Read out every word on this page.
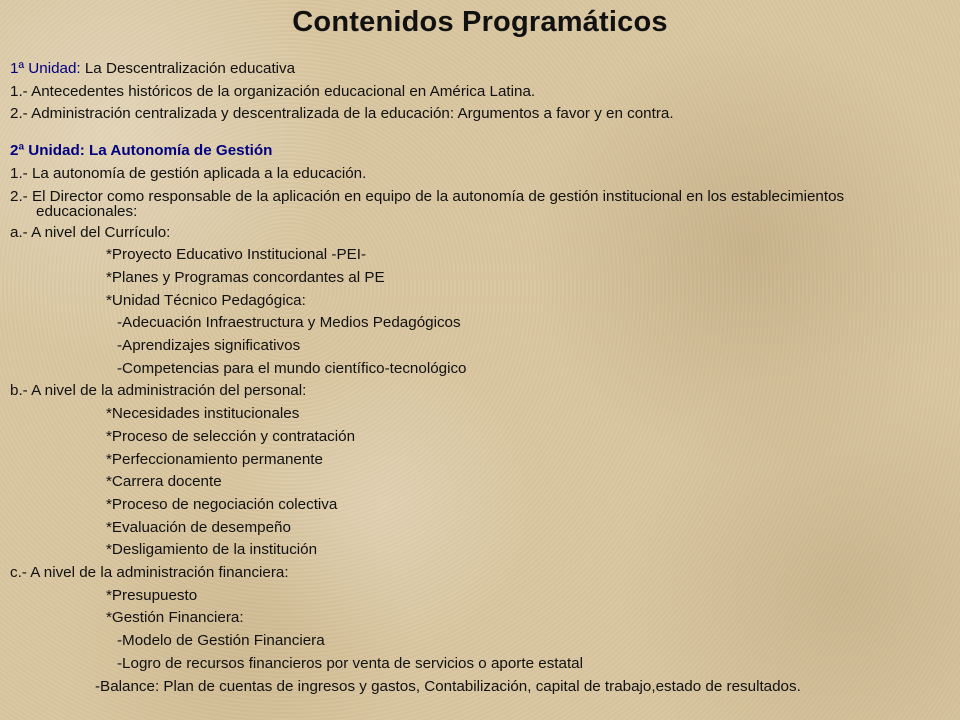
Contenidos Programáticos
1ª Unidad: La Descentralización educativa
1.- Antecedentes históricos de la organización educacional en América Latina.
2.- Administración centralizada y descentralizada de la educación: Argumentos a favor y en contra.
2ª Unidad: La Autonomía de Gestión
1.- La autonomía de gestión aplicada a la educación.
2.- El Director como responsable de la aplicación en equipo de la autonomía de gestión institucional en los establecimientos educacionales:
a.- A nivel del Currículo:
*Proyecto Educativo Institucional -PEI-
*Planes y Programas concordantes al PE
*Unidad Técnico Pedagógica:
-Adecuación Infraestructura y Medios Pedagógicos
-Aprendizajes significativos
-Competencias para el mundo científico-tecnológico
b.- A nivel de la administración del personal:
*Necesidades institucionales
*Proceso de selección y contratación
*Perfeccionamiento permanente
*Carrera docente
*Proceso de negociación colectiva
*Evaluación de desempeño
*Desligamiento de la institución
c.- A nivel de la administración financiera:
*Presupuesto
*Gestión Financiera:
-Modelo de Gestión Financiera
-Logro de recursos financieros por venta de servicios o aporte estatal
-Balance: Plan de cuentas de ingresos y gastos, Contabilización, capital de trabajo,estado de resultados.
